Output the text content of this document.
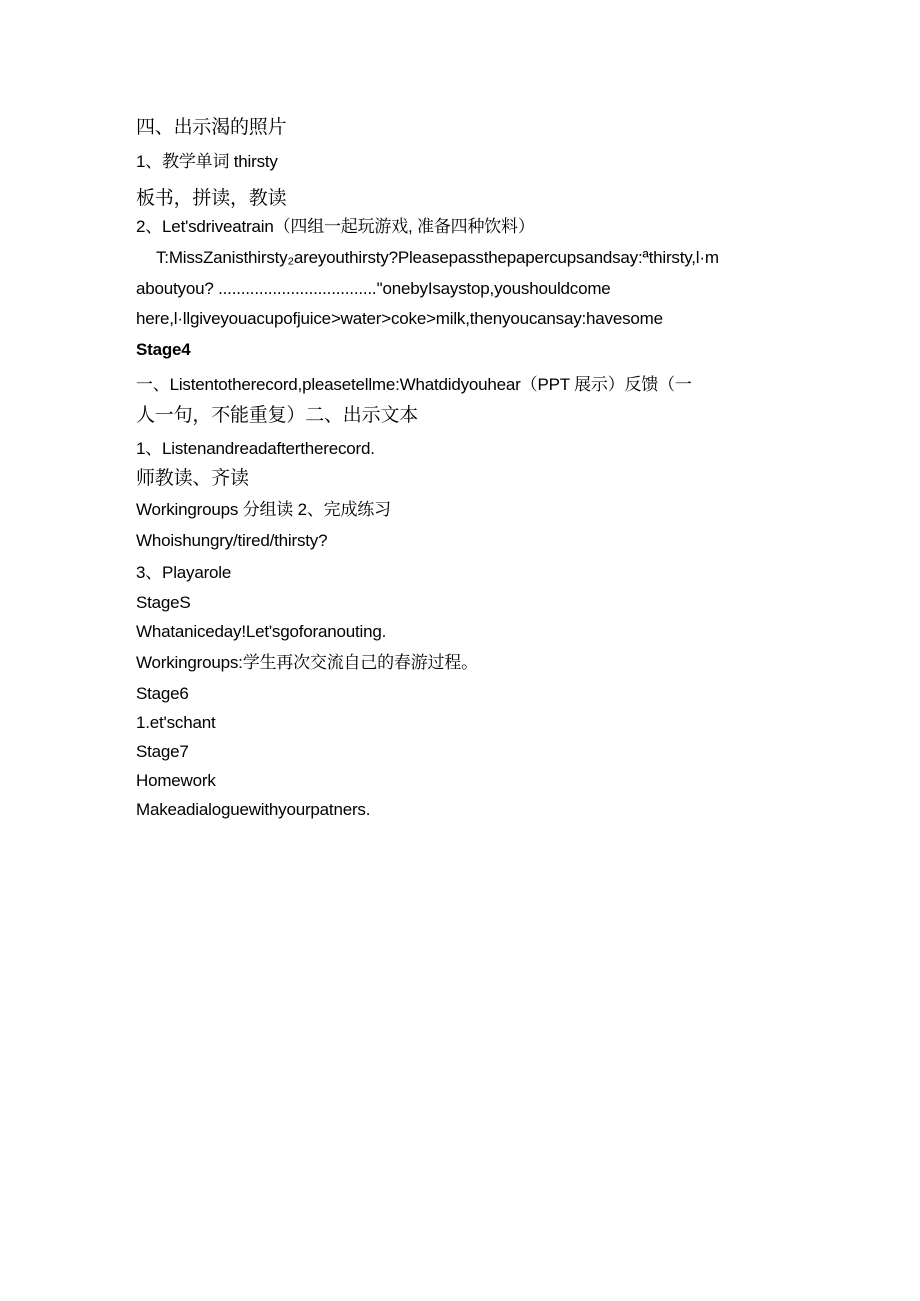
四、出示渴的照片
1、教学单词 thirsty
板书，拼读，教读
2、Let'sdriveatrain（四组一起玩游戏, 准备四种饮料）
T:MissZanisthirsty₂areyouthirsty?Pleasepassthepapercupsandsay:ªthirsty,l·m
aboutyou? ...................................''onebyIsaystop,youshouldcome
here,l·llgiveyouacupofjuice>water>coke>milk,thenyoucansay:havesome
Stage4
一、Listentotherecord,pleasetellme:Whatdidyouhear（PPT 展示）反馈（一
人一句，不能重复）二、出示文本
1、Listenandreadaftertherecord.
师教读、齐读
Workingroups 分组读 2、完成练习
Whoishungry/tired/thirsty?
3、Playarole
StageS
Whataniceday!Let'sgoforanouting.
Workingroups:学生再次交流自己的春游过程。
Stage6
1.et'schant
Stage7
Homework
Makeadialoguewithyourpatners.
